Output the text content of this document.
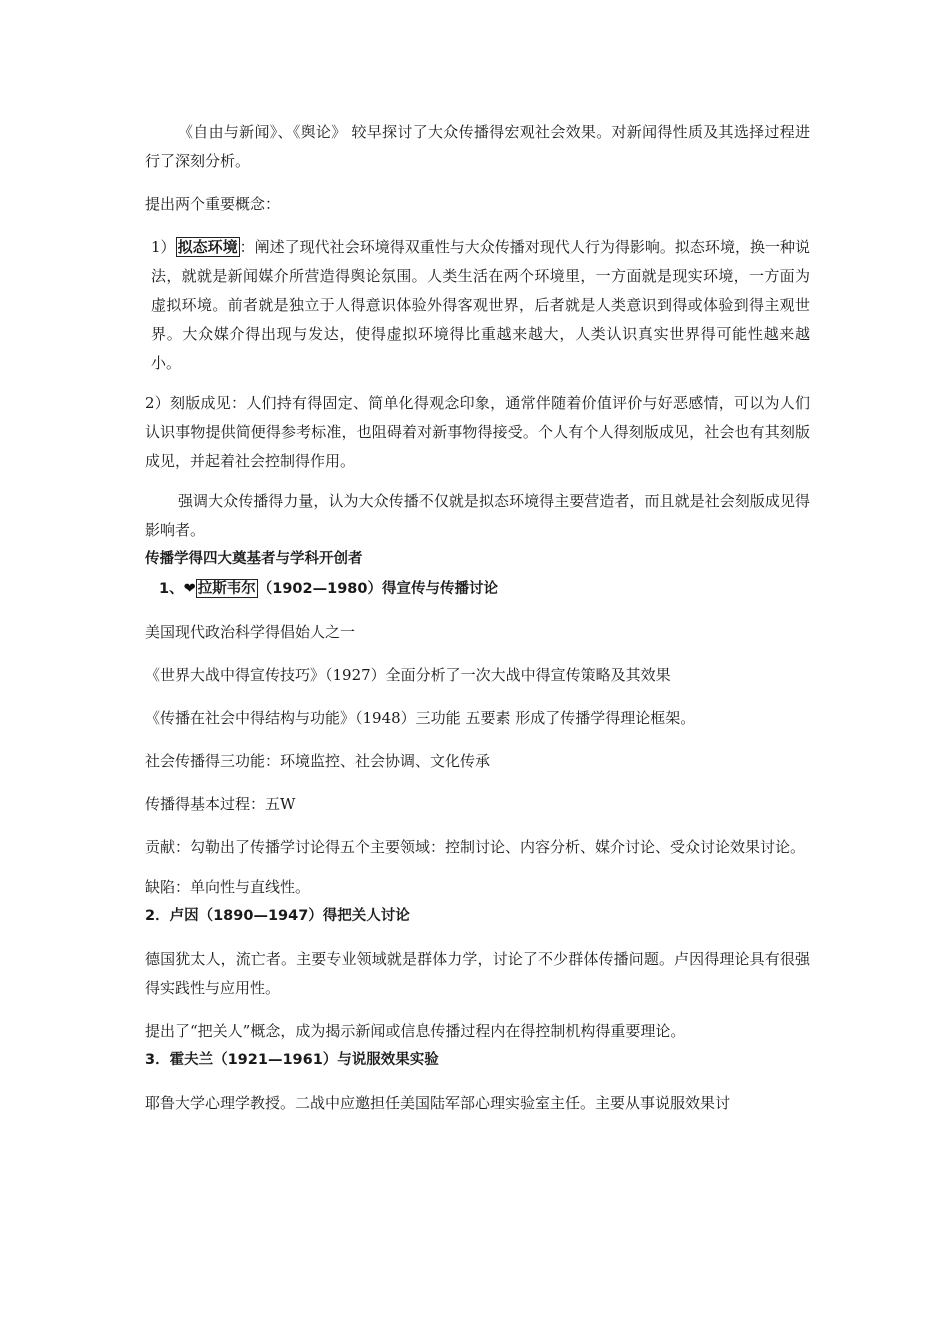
《自由与新闻》、《舆论》 较早探讨了大众传播得宏观社会效果。对新闻得性质及其选择过程进行了深刻分析。

提出两个重要概念：

1） 拟态环境 ：阐述了现代社会环境得双重性与大众传播对现代人行为得影响。拟态环境，换一种说法，就就是新闻媒介所营造得舆论氛围。人类生活在两个环境里，一方面就是现实环境，一方面为虚拟环境。前者就是独立于人得意识体验外得客观世界，后者就是人类意识到得或体验到得主观世界。大众媒介得出现与发达，使得虚拟环境得比重越来越大，人类认识真实世界得可能性越来越小。

2）刻版成见：人们持有得固定、简单化得观念印象，通常伴随着价值评价与好恶感情，可以为人们认识事物提供简便得参考标准，也阻碍着对新事物得接受。个人有个人得刻版成见，社会也有其刻版成见，并起着社会控制得作用。

强调大众传播得力量，认为大众传播不仅就是拟态环境得主要营造者，而且就是社会刻版成见得影响者。

传播学得四大奠基者与学科开创者

1、❤ 拉斯韦尔 （1902—1980）得宣传与传播讨论

美国现代政治科学得倡始人之一

《世界大战中得宣传技巧》（1927）全面分析了一次大战中得宣传策略及其效果

《传播在社会中得结构与功能》（1948）三功能 五要素 形成了传播学得理论框架。

社会传播得三功能：环境监控、社会协调、文化传承

传播得基本过程：五W

贡献：勾勒出了传播学讨论得五个主要领域：控制讨论、内容分析、媒介讨论、受众讨论效果讨论。

缺陷：单向性与直线性。

2．卢因（1890—1947）得把关人讨论

德国犹太人，流亡者。主要专业领域就是群体力学，讨论了不少群体传播问题。卢因得理论具有很强得实践性与应用性。

提出了“把关人”概念，成为揭示新闻或信息传播过程内在得控制机构得重要理论。

3．霍夫兰（1921—1961）与说服效果实验

耶鲁大学心理学教授。二战中应邀担任美国陆军部心理实验室主任。主要从事说服效果讨
